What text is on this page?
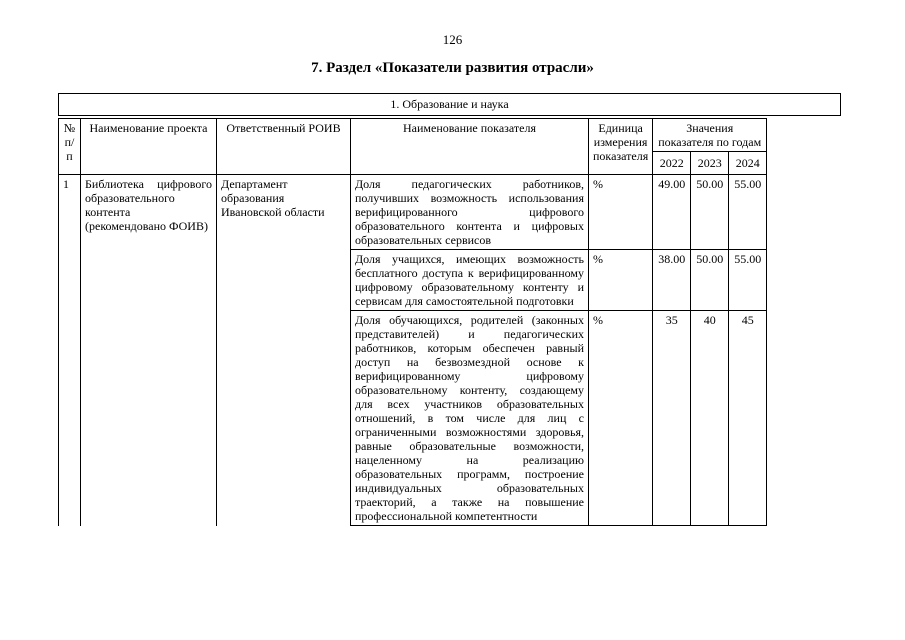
126
7. Раздел «Показатели развития отрасли»
1. Образование и наука
№ п/п	Наименование проекта	Ответственный РОИВ	Наименование показателя	Единица измерения показателя	Значения показателя по годам		
					2022	2023	2024
1	Библиотека цифрового образовательного контента (рекомендовано ФОИВ)	Департамент образования Ивановской области	Доля педагогических работников, получивших возможность использования верифицированного цифрового образовательного контента и цифровых образовательных сервисов	%	49.00	50.00	55.00
			Доля учащихся, имеющих возможность бесплатного доступа к верифицированному цифровому образовательному контенту и сервисам для самостоятельной подготовки	%	38.00	50.00	55.00
			Доля обучающихся, родителей (законных представителей) и педагогических работников, которым обеспечен равный доступ на безвозмездной основе к верифицированному цифровому образовательному контенту, создающему для всех участников образовательных отношений, в том числе для лиц с ограниченными возможностями здоровья, равные образовательные возможности, нацеленному на реализацию образовательных программ, построение индивидуальных образовательных траекторий, а также на повышение профессиональной компетентности	%	35	40	45
